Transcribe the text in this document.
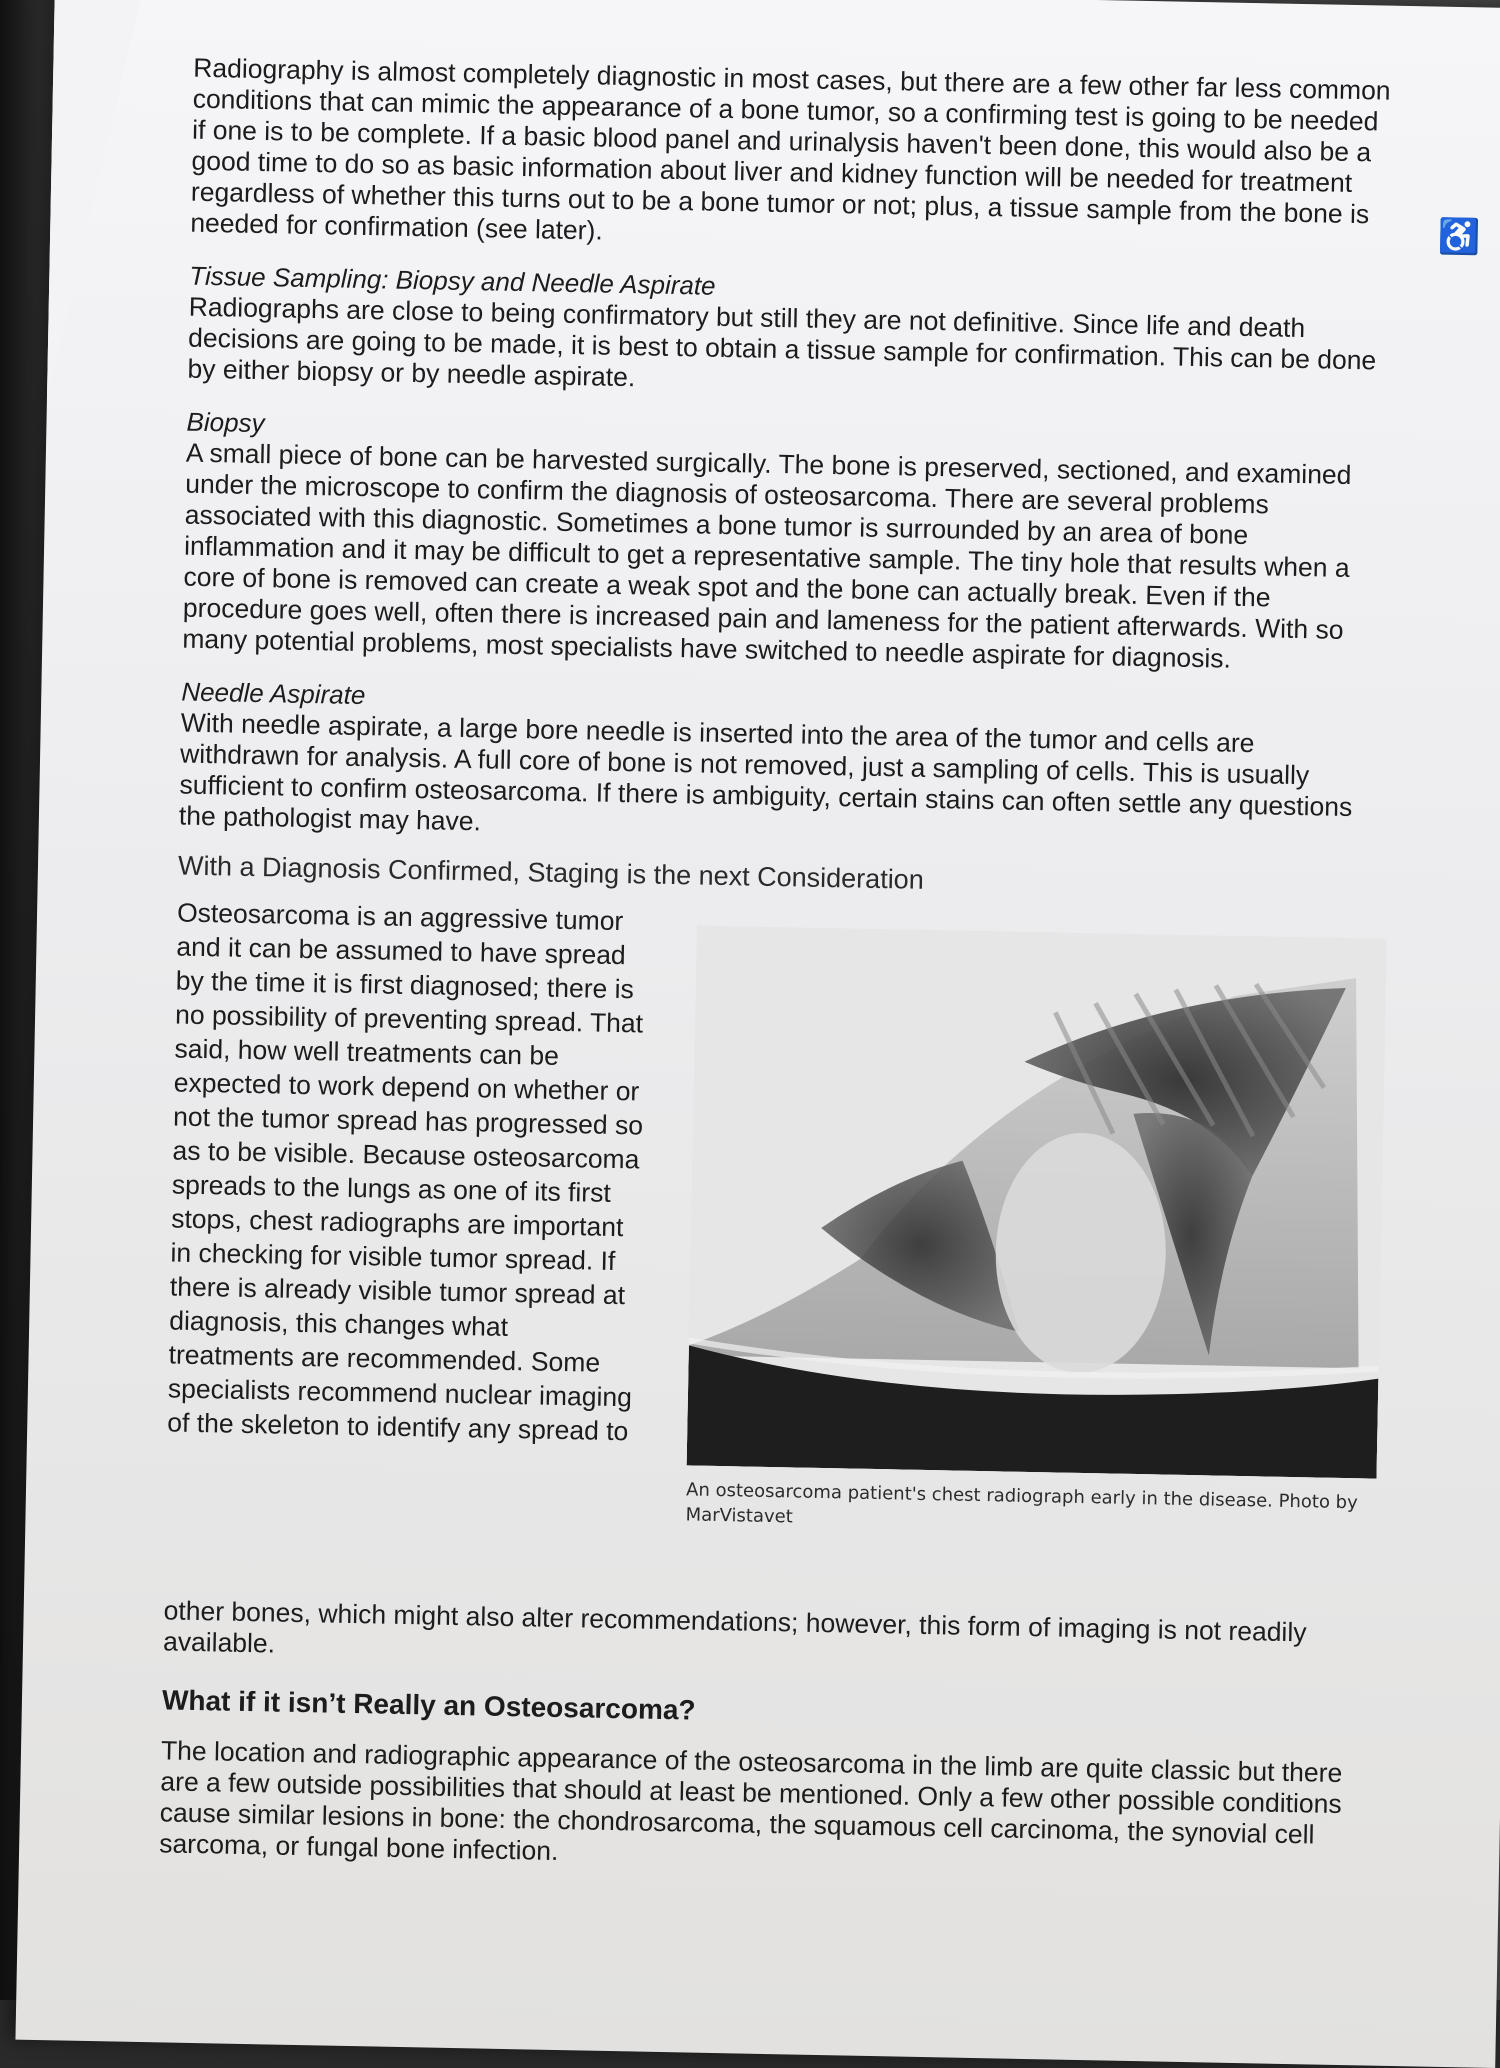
Radiography is almost completely diagnostic in most cases, but there are a few other far less common conditions that can mimic the appearance of a bone tumor, so a confirming test is going to be needed if one is to be complete. If a basic blood panel and urinalysis haven't been done, this would also be a good time to do so as basic information about liver and kidney function will be needed for treatment regardless of whether this turns out to be a bone tumor or not; plus, a tissue sample from the bone is needed for confirmation (see later).

Tissue Sampling: Biopsy and Needle Aspirate

Radiographs are close to being confirmatory but still they are not definitive. Since life and death decisions are going to be made, it is best to obtain a tissue sample for confirmation. This can be done by either biopsy or by needle aspirate.

Biopsy

A small piece of bone can be harvested surgically. The bone is preserved, sectioned, and examined under the microscope to confirm the diagnosis of osteosarcoma. There are several problems associated with this diagnostic. Sometimes a bone tumor is surrounded by an area of bone inflammation and it may be difficult to get a representative sample. The tiny hole that results when a core of bone is removed can create a weak spot and the bone can actually break. Even if the procedure goes well, often there is increased pain and lameness for the patient afterwards. With so many potential problems, most specialists have switched to needle aspirate for diagnosis.

Needle Aspirate

With needle aspirate, a large bore needle is inserted into the area of the tumor and cells are withdrawn for analysis. A full core of bone is not removed, just a sampling of cells. This is usually sufficient to confirm osteosarcoma. If there is ambiguity, certain stains can often settle any questions the pathologist may have.

With a Diagnosis Confirmed, Staging is the next Consideration

Osteosarcoma is an aggressive tumor and it can be assumed to have spread by the time it is first diagnosed; there is no possibility of preventing spread. That said, how well treatments can be expected to work depend on whether or not the tumor spread has progressed so as to be visible. Because osteosarcoma spreads to the lungs as one of its first stops, chest radiographs are important in checking for visible tumor spread. If there is already visible tumor spread at diagnosis, this changes what treatments are recommended. Some specialists recommend nuclear imaging of the skeleton to identify any spread to

An osteosarcoma patient's chest radiograph early in the disease. Photo by MarVistavet

other bones, which might also alter recommendations; however, this form of imaging is not readily available.

What if it isn’t Really an Osteosarcoma?

The location and radiographic appearance of the osteosarcoma in the limb are quite classic but there are a few outside possibilities that should at least be mentioned. Only a few other possible conditions cause similar lesions in bone: the chondrosarcoma, the squamous cell carcinoma, the synovial cell sarcoma, or fungal bone infection.

♿
